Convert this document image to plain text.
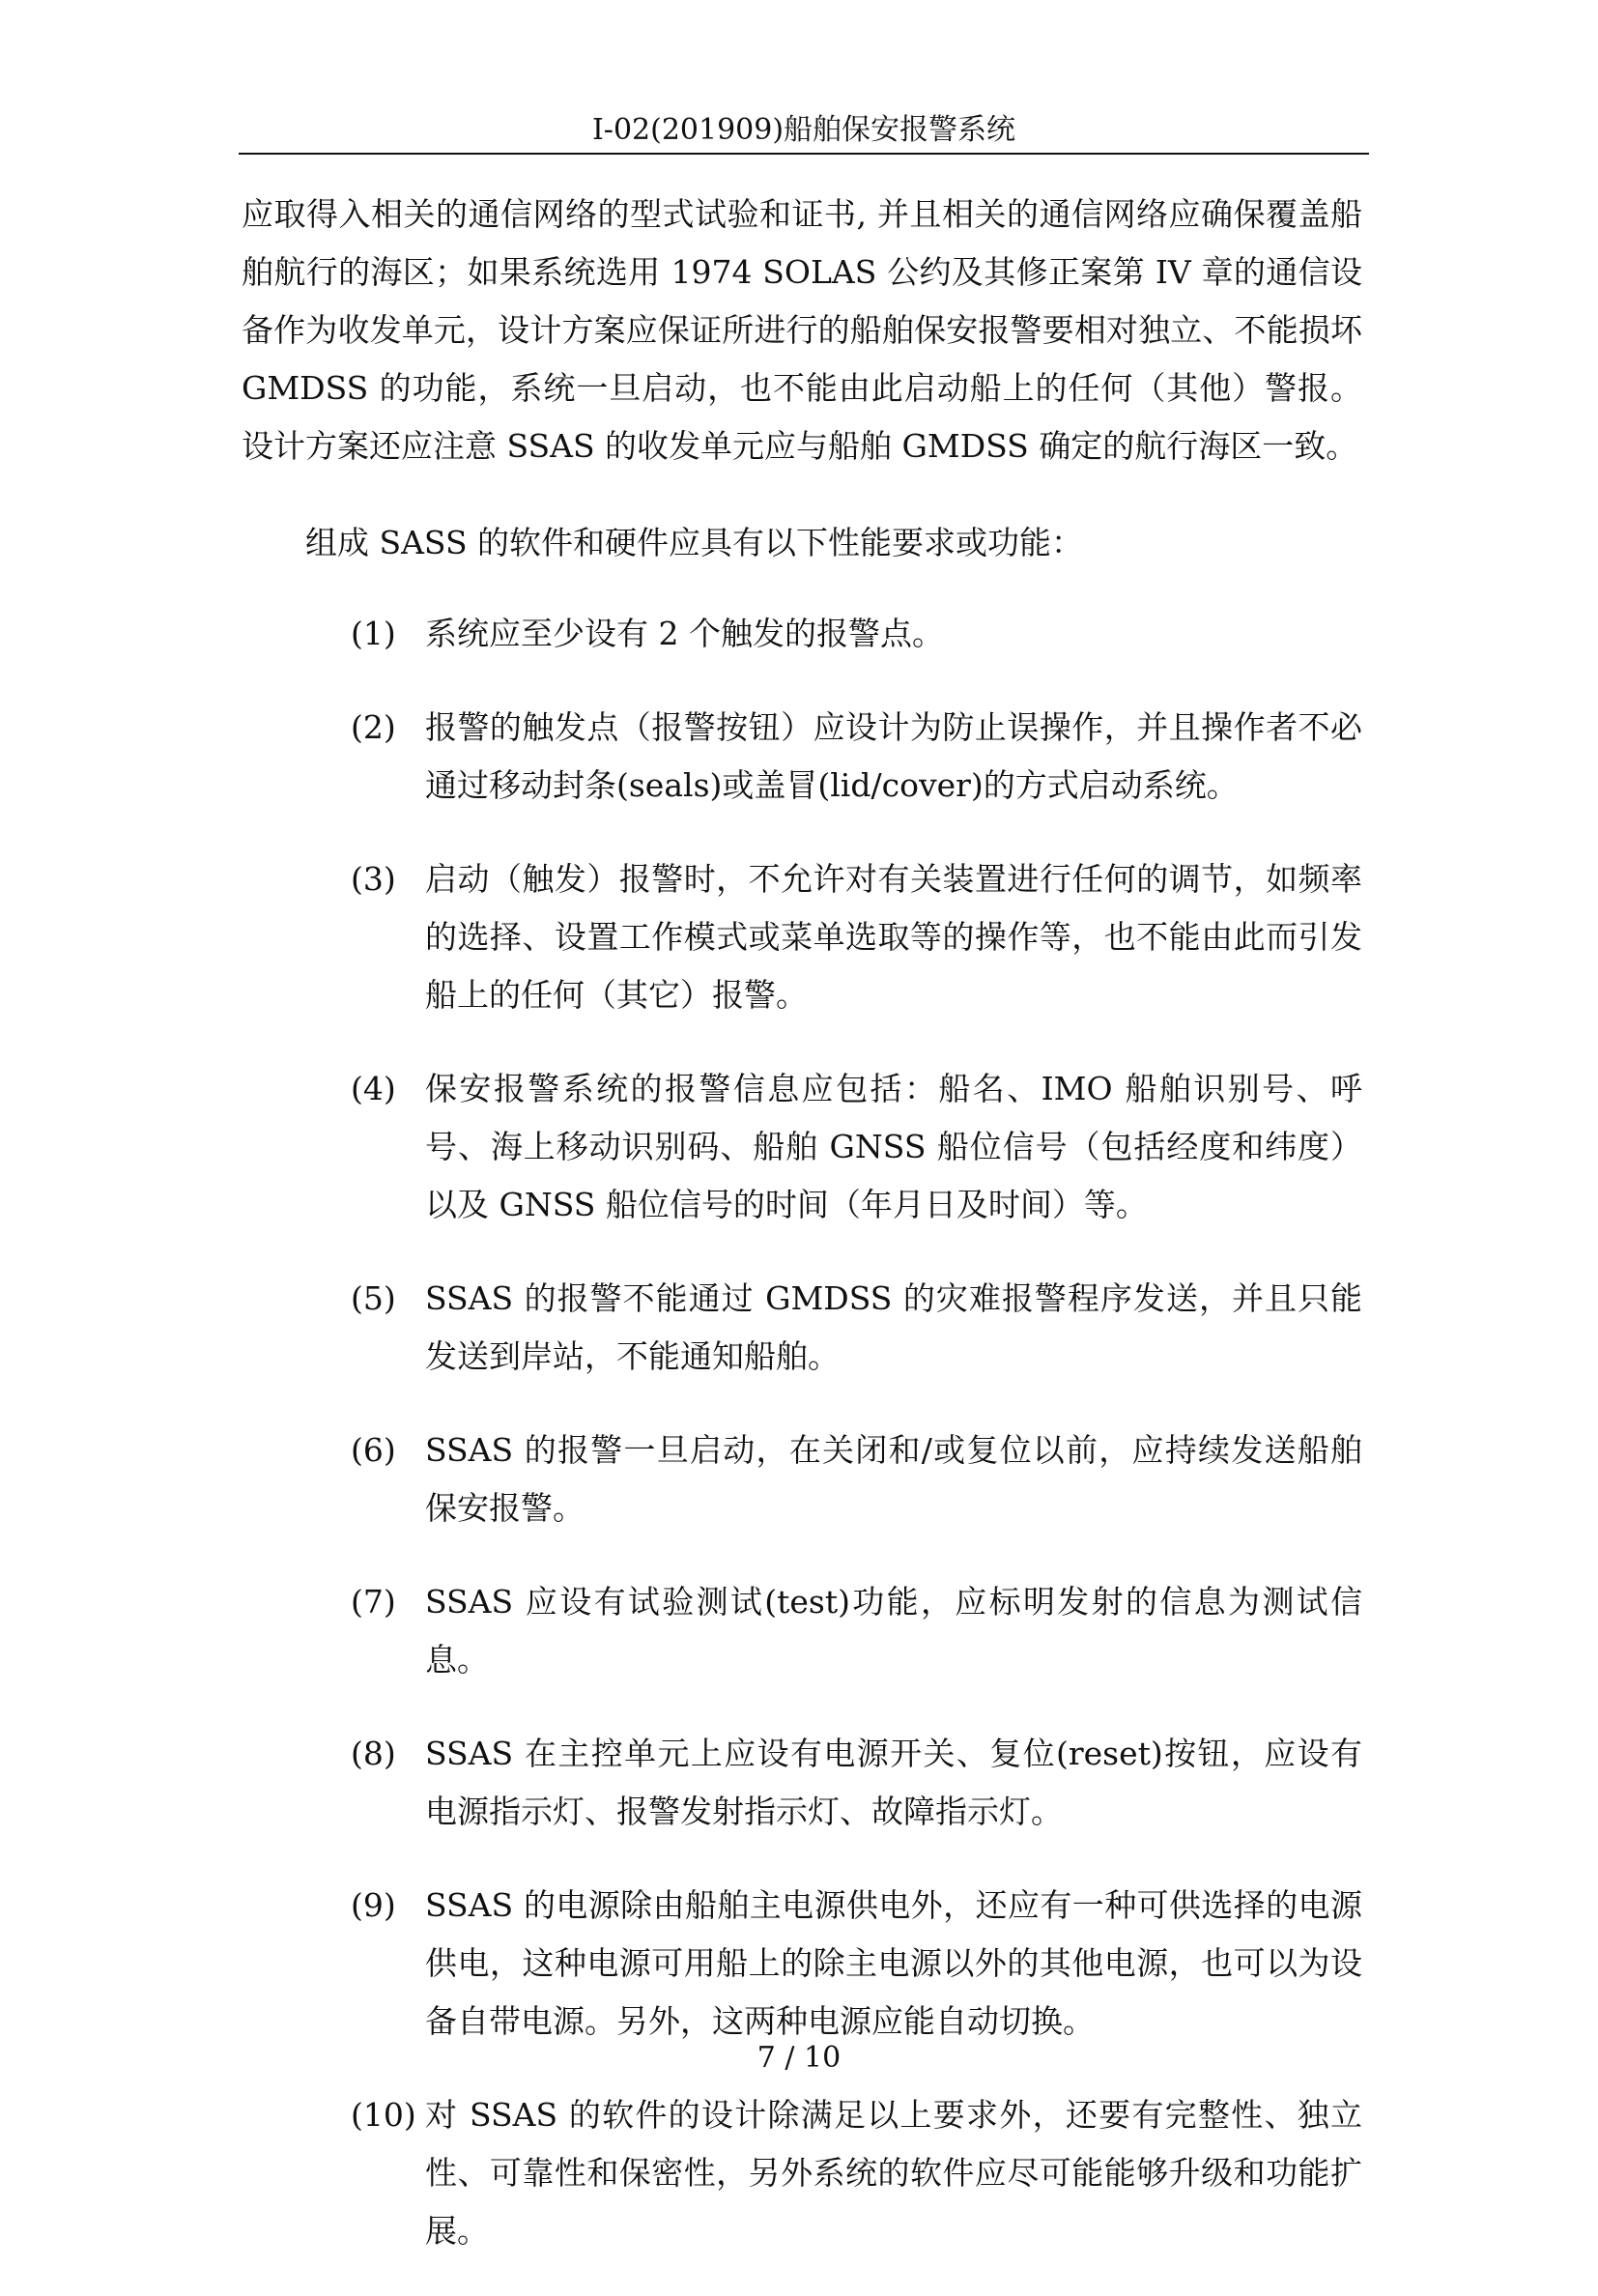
I-02(201909)船舶保安报警系统

应取得入相关的通信网络的型式试验和证书, 并且相关的通信网络应确保覆盖船舶航行的海区；如果系统选用 1974 SOLAS 公约及其修正案第 IV 章的通信设备作为收发单元，设计方案应保证所进行的船舶保安报警要相对独立、不能损坏 GMDSS 的功能，系统一旦启动，也不能由此启动船上的任何（其他）警报。设计方案还应注意 SSAS 的收发单元应与船舶 GMDSS 确定的航行海区一致。

组成 SASS 的软件和硬件应具有以下性能要求或功能：

(1) 系统应至少设有 2 个触发的报警点。
(2) 报警的触发点（报警按钮）应设计为防止误操作，并且操作者不必通过移动封条(seals)或盖冒(lid/cover)的方式启动系统。
(3) 启动（触发）报警时，不允许对有关装置进行任何的调节，如频率的选择、设置工作模式或菜单选取等的操作等，也不能由此而引发船上的任何（其它）报警。
(4) 保安报警系统的报警信息应包括：船名、IMO 船舶识别号、呼号、海上移动识别码、船舶 GNSS 船位信号（包括经度和纬度）以及 GNSS 船位信号的时间（年月日及时间）等。
(5) SSAS 的报警不能通过 GMDSS 的灾难报警程序发送，并且只能发送到岸站，不能通知船舶。
(6) SSAS 的报警一旦启动，在关闭和/或复位以前，应持续发送船舶保安报警。
(7) SSAS 应设有试验测试(test)功能，应标明发射的信息为测试信息。
(8) SSAS 在主控单元上应设有电源开关、复位(reset)按钮，应设有电源指示灯、报警发射指示灯、故障指示灯。
(9) SSAS 的电源除由船舶主电源供电外，还应有一种可供选择的电源供电，这种电源可用船上的除主电源以外的其他电源，也可以为设备自带电源。另外，这两种电源应能自动切换。
(10) 对 SSAS 的软件的设计除满足以上要求外，还要有完整性、独立性、可靠性和保密性，另外系统的软件应尽可能能够升级和功能扩展。
7 / 10
